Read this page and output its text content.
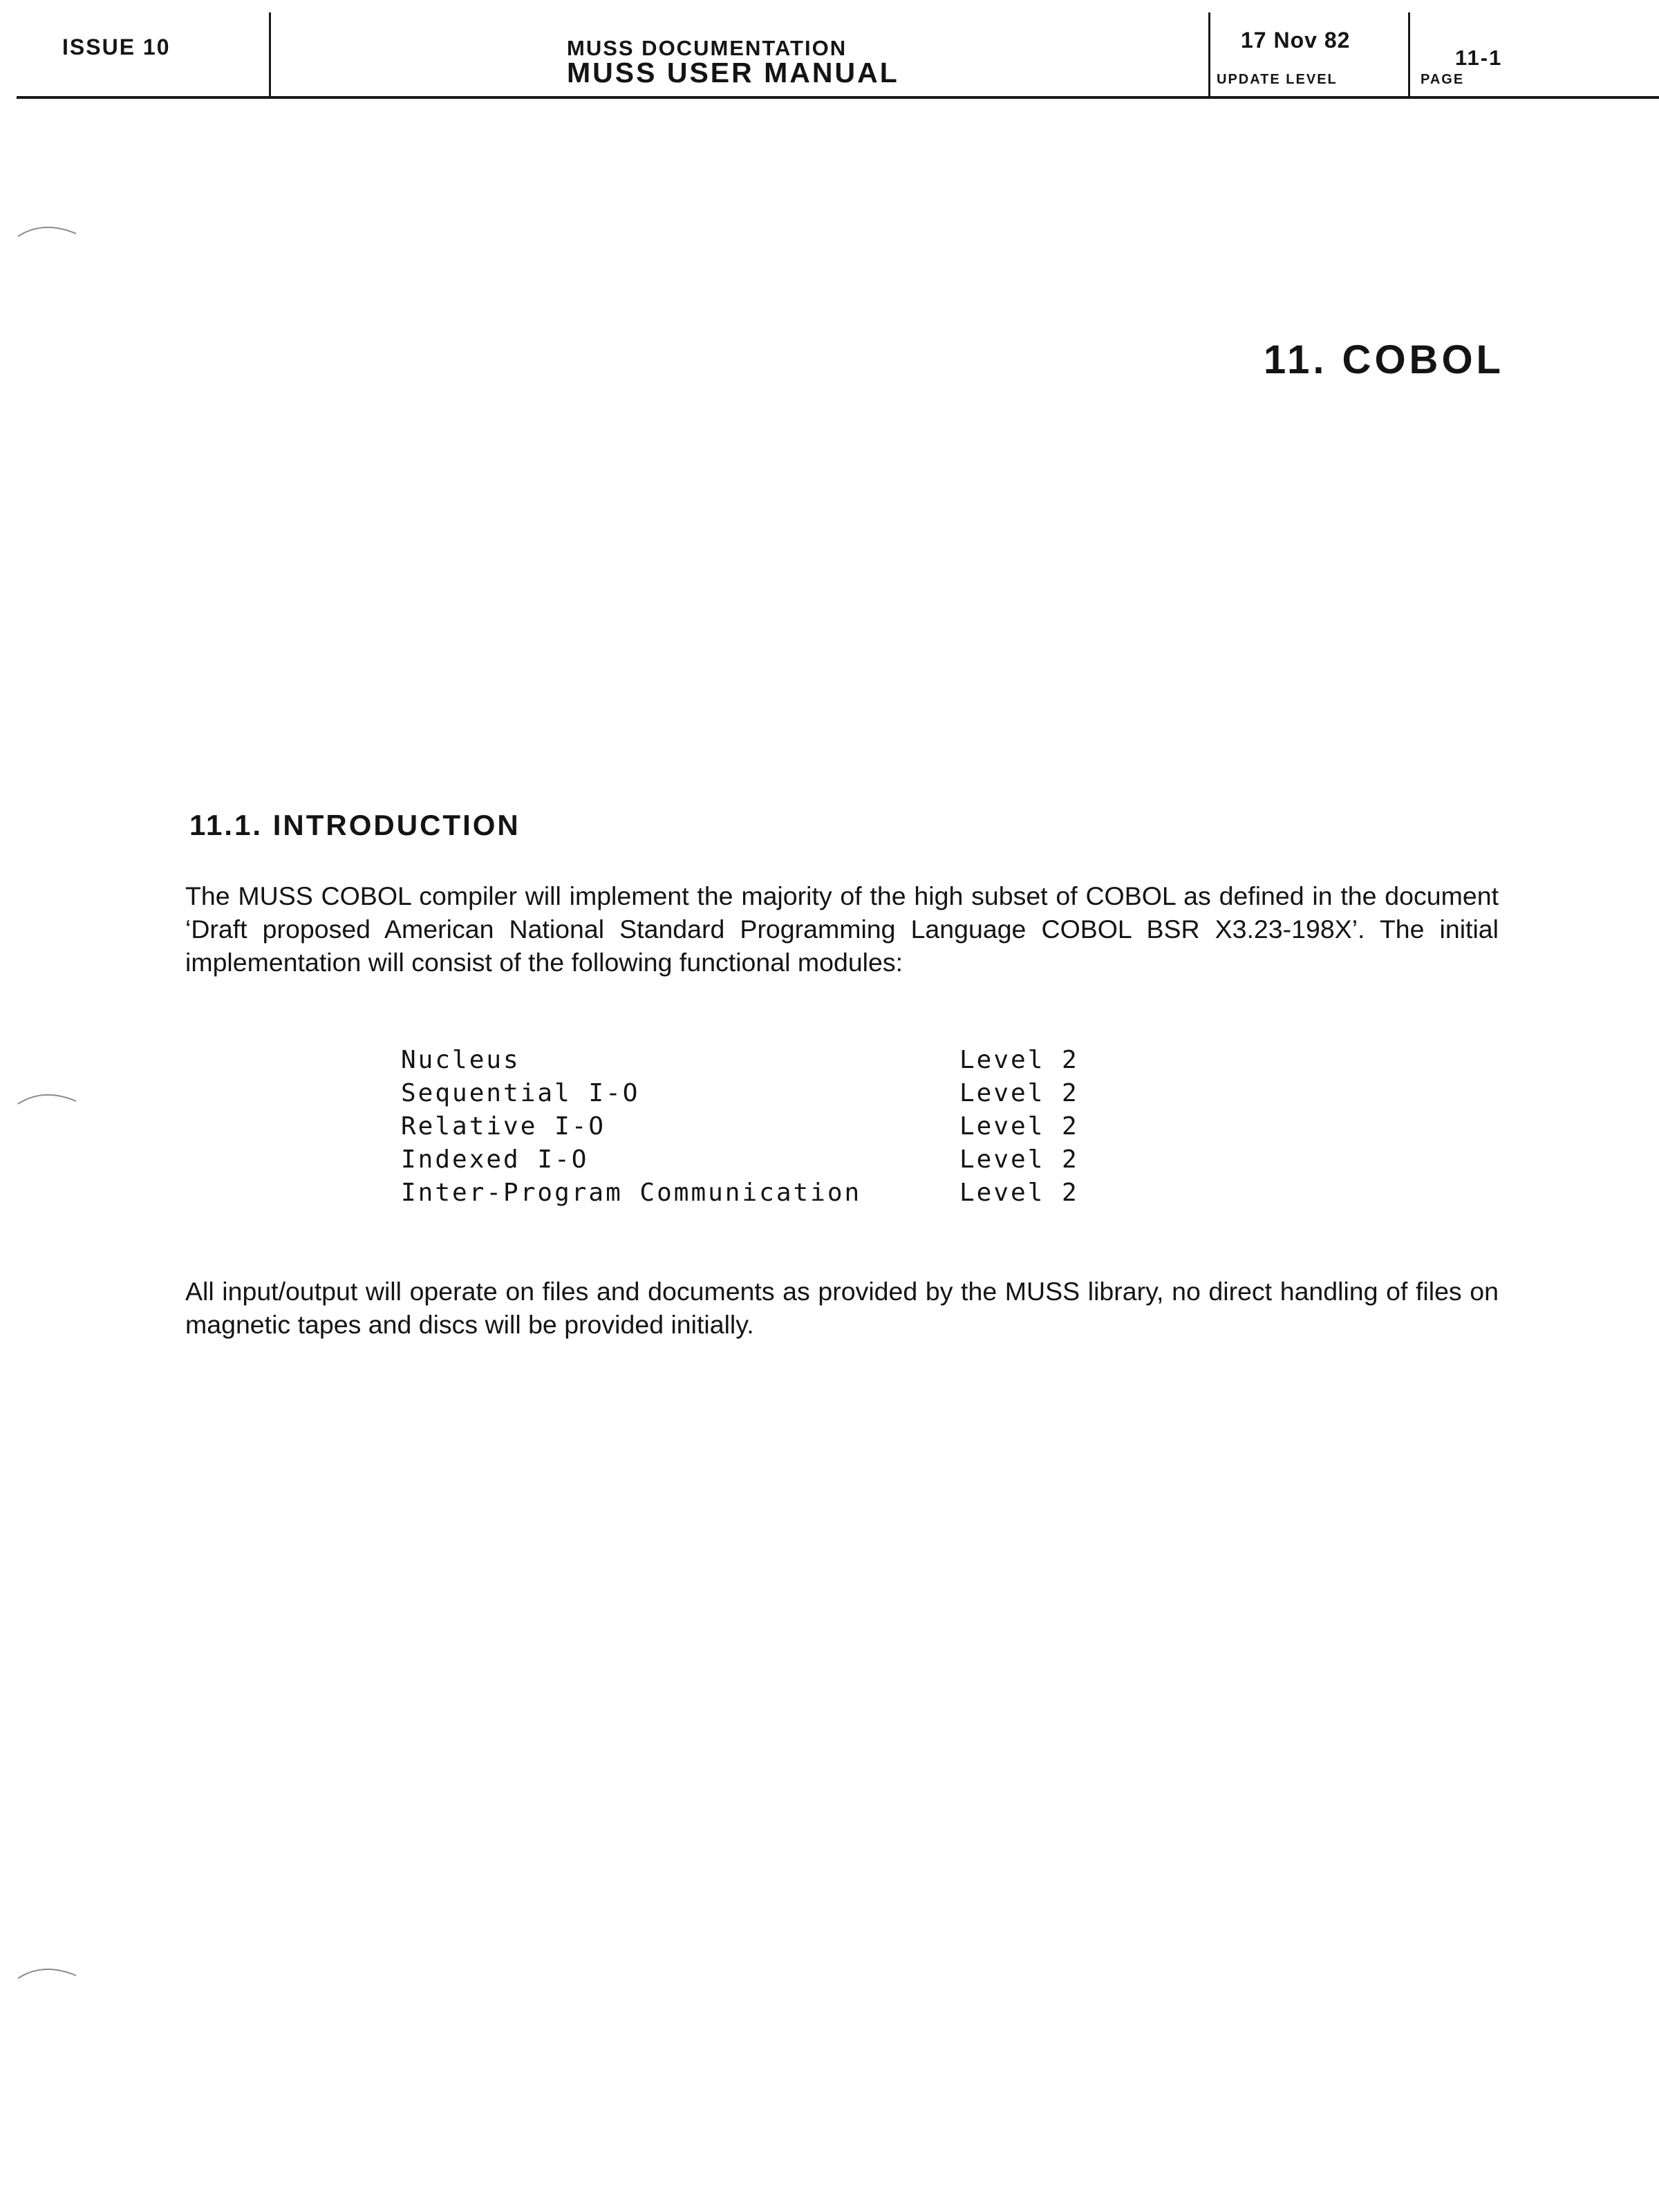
ISSUE 10	MUSS DOCUMENTATION
MUSS USER MANUAL
17 Nov 82
UPDATE LEVEL
11-1
PAGE
11. COBOL
11.1. INTRODUCTION

The MUSS COBOL compiler will implement the majority of the high subset of COBOL as defined in the document ‘Draft proposed American National Standard Programming Language COBOL BSR X3.23-198X’. The initial implementation will consist of the following functional modules:

Nucleus	Level 2
Sequential I-O	Level 2
Relative I-O	Level 2
Indexed I-O	Level 2
Inter-Program Communication	Level 2

All input/output will operate on files and documents as provided by the MUSS library, no direct handling of files on magnetic tapes and discs will be provided initially.
